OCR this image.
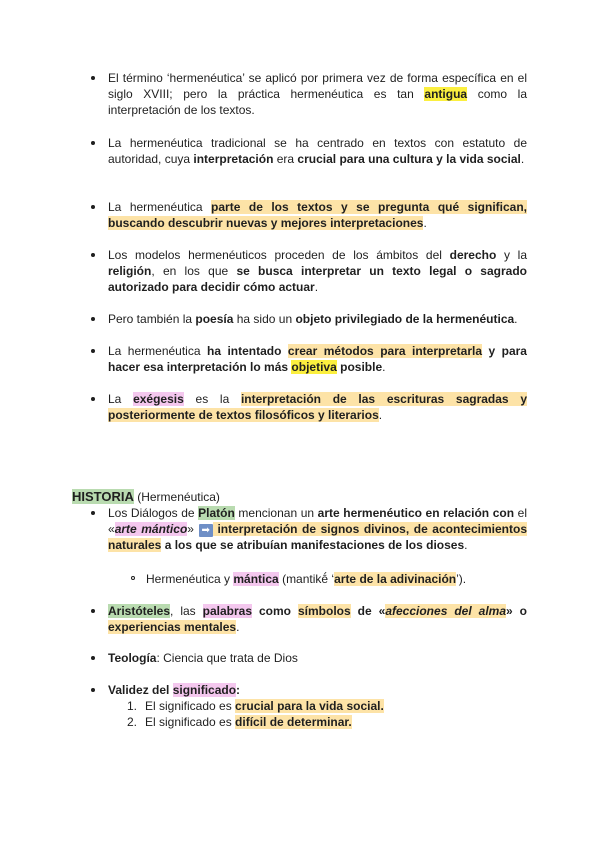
El término ‘hermenéutica’ se aplicó por primera vez de forma específica en el siglo XVIII; pero la práctica hermenéutica es tan antigua como la interpretación de los textos.
La hermenéutica tradicional se ha centrado en textos con estatuto de autoridad, cuya interpretación era crucial para una cultura y la vida social.
La hermenéutica parte de los textos y se pregunta qué significan, buscando descubrir nuevas y mejores interpretaciones.
Los modelos hermenéuticos proceden de los ámbitos del derecho y la religión, en los que se busca interpretar un texto legal o sagrado autorizado para decidir cómo actuar.
Pero también la poesía ha sido un objeto privilegiado de la hermenéutica.
La hermenéutica ha intentado crear métodos para interpretarla y para hacer esa interpretación lo más objetiva posible.
La exégesis es la interpretación de las escrituras sagradas y posteriormente de textos filosóficos y literarios.
Los Diálogos de Platón mencionan un arte hermenéutico en relación con el «arte mántico» ➡ interpretación de signos divinos, de acontecimientos naturales a los que se atribuían manifestaciones de los dioses.
Aristóteles, las palabras como símbolos de «afecciones del alma» o experiencias mentales.
Teología: Ciencia que trata de Dios
Validez del significado:
HISTORIA (Hermenéutica)
Hermenéutica y mántica (mantikḗ ‘arte de la adivinación’).
1. El significado es crucial para la vida social.
2. El significado es difícil de determinar.
